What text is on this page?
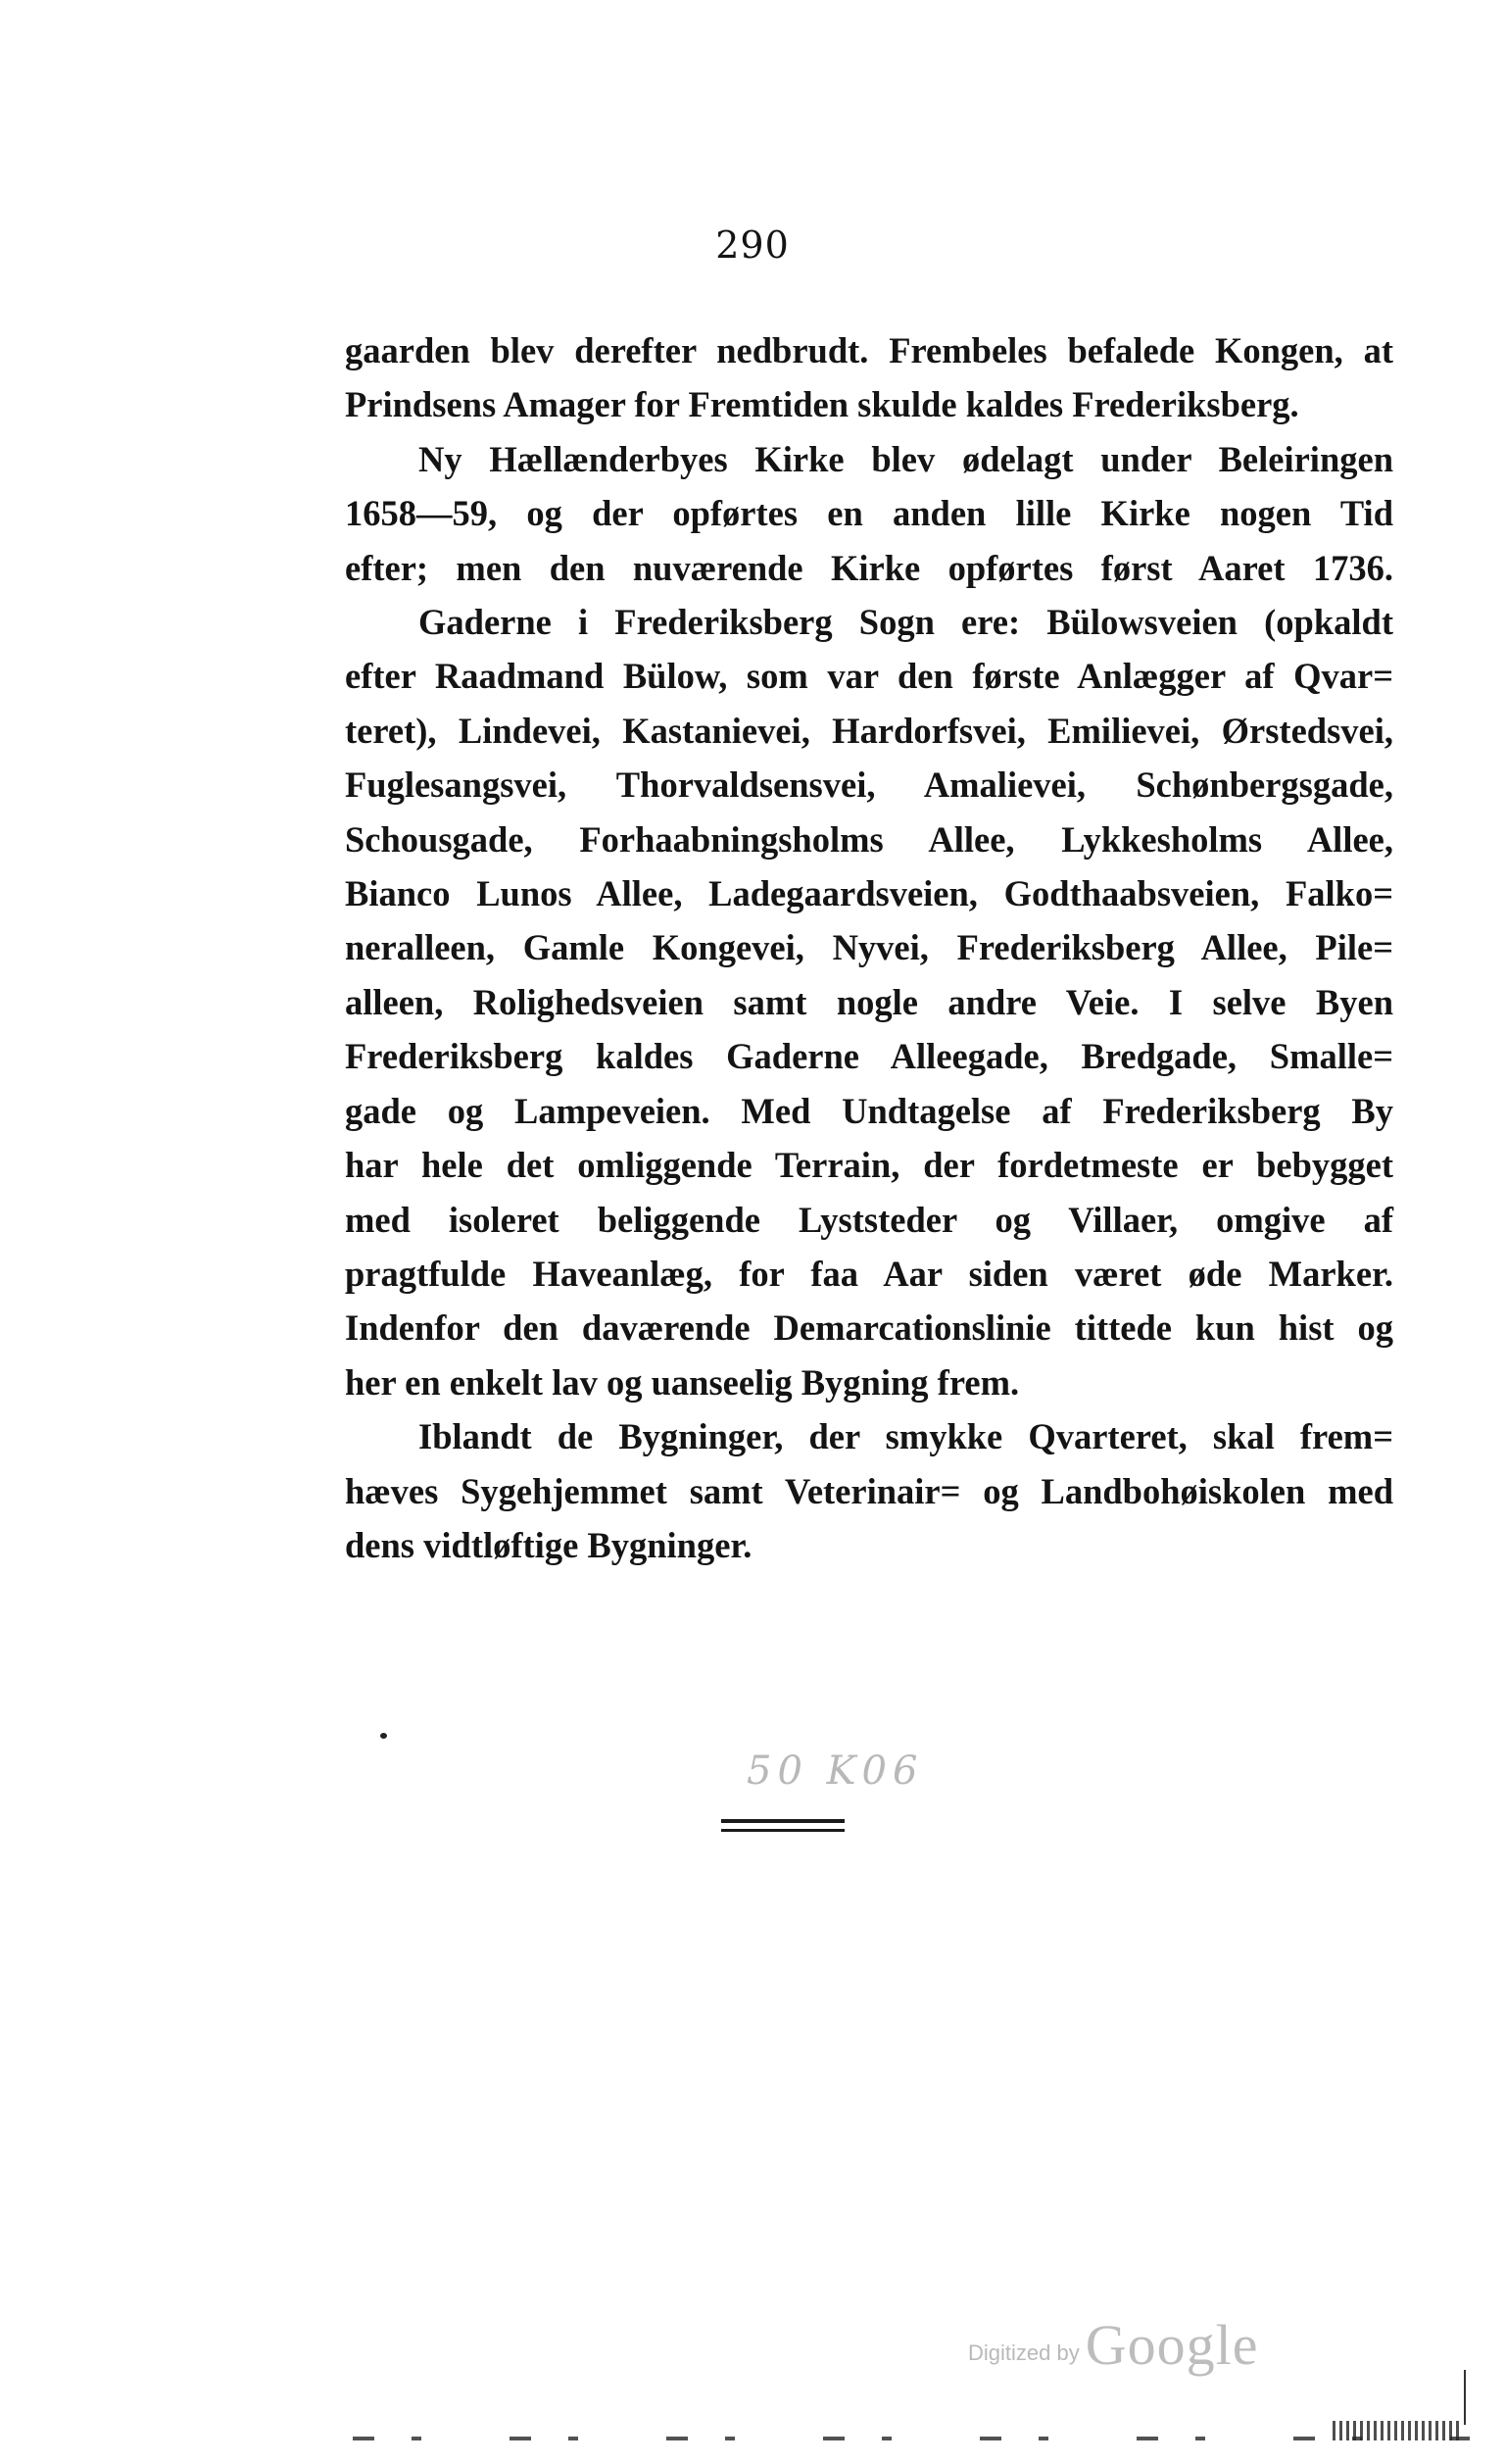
290
gaarden blev derefter nedbrudt. Frembeles befalede Kongen, at
Prindsens Amager for Fremtiden skulde kaldes Frederiksberg.
Ny Hællænderbyes Kirke blev ødelagt under Beleiringen
1658—59, og der opførtes en anden lille Kirke nogen Tid
efter; men den nuværende Kirke opførtes først Aaret 1736.
Gaderne i Frederiksberg Sogn ere: Bülowsveien (opkaldt
efter Raadmand Bülow, som var den første Anlægger af Qvar=
teret), Lindevei, Kastanievei, Hardorfsvei, Emilievei, Ørstedsvei,
Fuglesangsvei, Thorvaldsensvei, Amalievei, Schønbergsgade,
Schousgade, Forhaabningsholms Allee, Lykkesholms Allee,
Bianco Lunos Allee, Ladegaardsveien, Godthaabsveien, Falko=
neralleen, Gamle Kongevei, Nyvei, Frederiksberg Allee, Pile=
alleen, Rolighedsveien samt nogle andre Veie. I selve Byen
Frederiksberg kaldes Gaderne Alleegade, Bredgade, Smalle=
gade og Lampeveien. Med Undtagelse af Frederiksberg By
har hele det omliggende Terrain, der fordetmeste er bebygget
med isoleret beliggende Lyststeder og Villaer, omgive af
pragtfulde Haveanlæg, for faa Aar siden været øde Marker.
Indenfor den daværende Demarcationslinie tittede kun hist og
her en enkelt lav og uanseelig Bygning frem.
Iblandt de Bygninger, der smykke Qvarteret, skal frem=
hæves Sygehjemmet samt Veterinair= og Landbohøiskolen med
dens vidtløftige Bygninger.
50 K06
Digitized by Google
